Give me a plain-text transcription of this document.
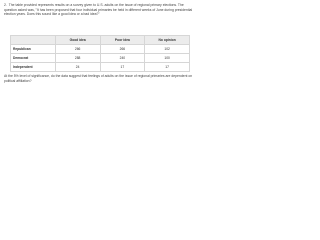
2. The table provided represents results on a survey given to U.S. adults on the issue of regional primary elections. The question asked was, "It has been proposed that four individual primaries be held in different weeks of June during presidential election years. Does this sound like a good idea or a bad idea?"

	Good idea	Poor idea	No opinion
Republican	266	266	102
Democrat	288	240	100
Independent	24	17	17

At the 5% level of significance, do the data suggest that feelings of adults on the issue of regional primaries are dependent on political affiliation?
